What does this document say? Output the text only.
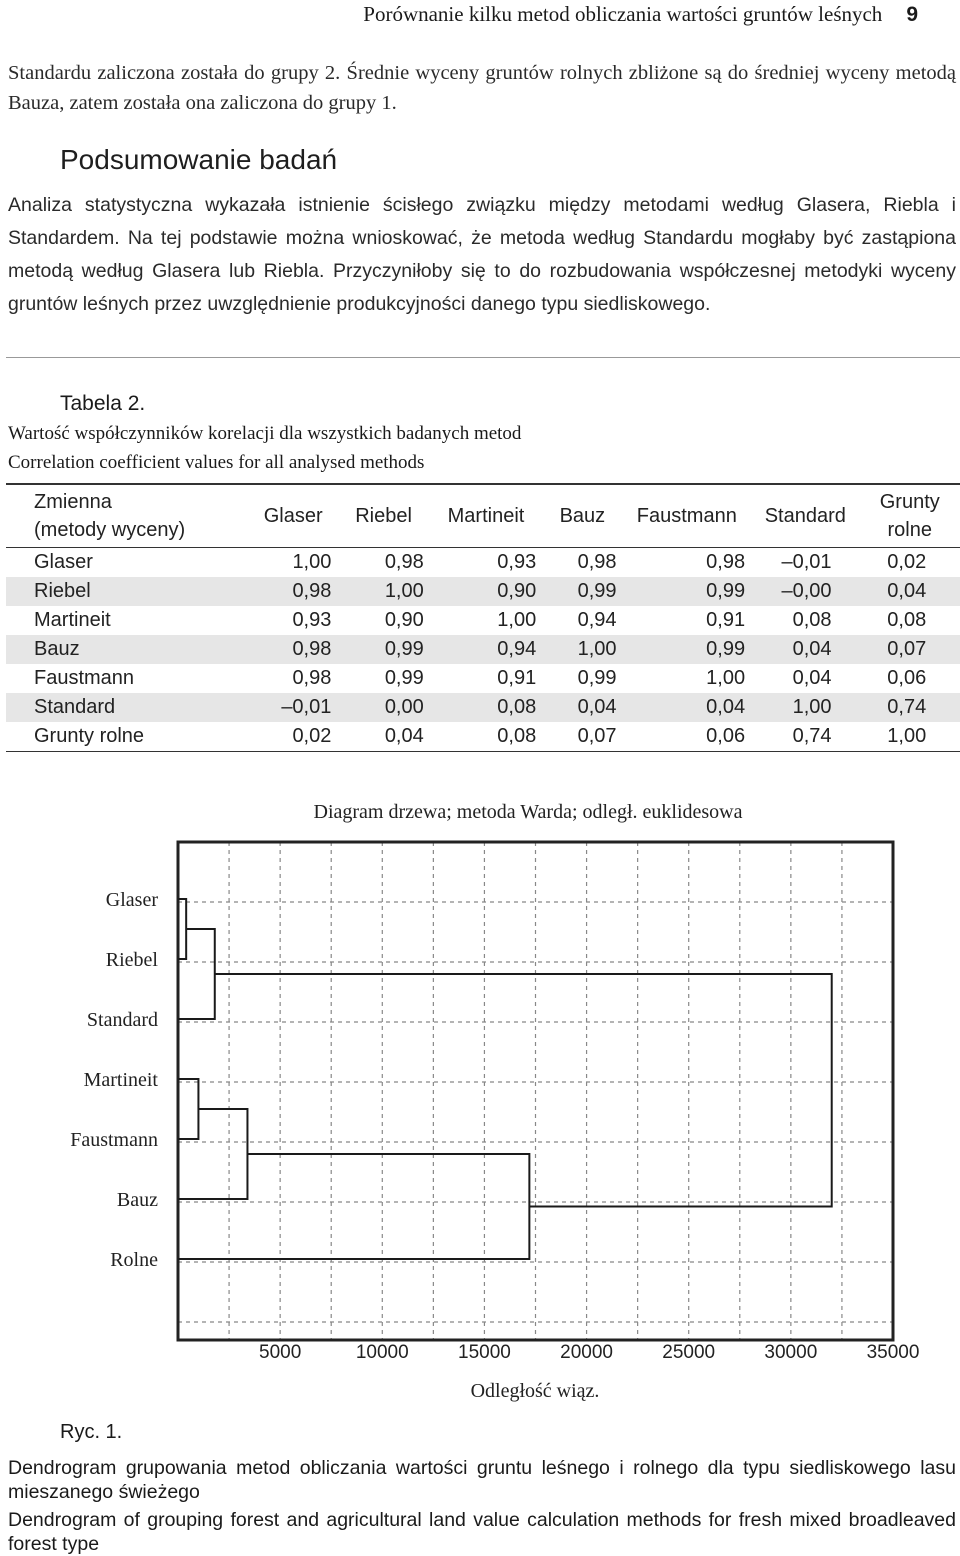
Porównanie kilku metod obliczania wartości gruntów leśnych 9
Standardu zaliczona została do grupy 2. Średnie wyceny gruntów rolnych zbliżone są do średniej wyceny metodą Bauza, zatem została ona zaliczona do grupy 1.
Podsumowanie badań
Analiza statystyczna wykazała istnienie ścisłego związku między metodami według Glasera, Riebla i Standardem. Na tej podstawie można wnioskować, że metoda według Standardu mogłaby być zastąpiona metodą według Glasera lub Riebla. Przyczyniłoby się to do rozbudowania współczesnej metodyki wyceny gruntów leśnych przez uwzględnienie produkcyjności danego typu siedliskowego.
Tabela 2.
Wartość współczynników korelacji dla wszystkich badanych metod
Correlation coefficient values for all analysed methods
Zmienna
(metody wyceny)	Glaser	Riebel	Martineit	Bauz	Faustmann	Standard	Grunty
rolne
Glaser	1,00	0,98	0,93	0,98	0,98	–0,01	0,02
Riebel	0,98	1,00	0,90	0,99	0,99	–0,00	0,04
Martineit	0,93	0,90	1,00	0,94	0,91	0,08	0,08
Bauz	0,98	0,99	0,94	1,00	0,99	0,04	0,07
Faustmann	0,98	0,99	0,91	0,99	1,00	0,04	0,06
Standard	–0,01	0,00	0,08	0,04	0,04	1,00	0,74
Grunty rolne	0,02	0,04	0,08	0,07	0,06	0,74	1,00
Diagram drzewa; metoda Warda; odległ. euklidesowa
Glaser
Riebel
Standard
Martineit
Faustmann
Bauz
Rolne
5000	10000	15000	20000	25000	30000	35000
Odległość wiąz.
Ryc. 1.
Dendrogram grupowania metod obliczania wartości gruntu leśnego i rolnego dla typu siedliskowego lasu mieszanego świeżego
Dendrogram of grouping forest and agricultural land value calculation methods for fresh mixed broadleaved forest type
